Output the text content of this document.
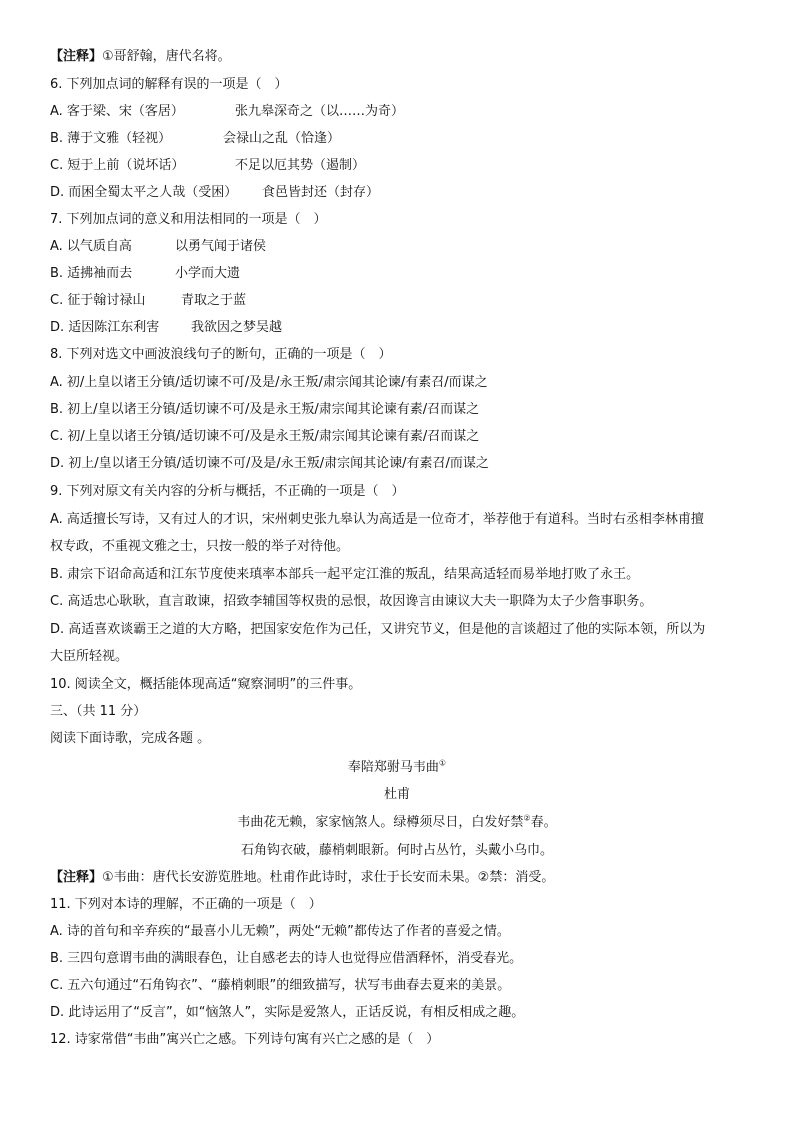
【注释】①哥舒翰，唐代名将。
6. 下列加点词的解释有误的一项是（　）
A. 客于梁、宋（客居）	张九皋深奇之（以……为奇）
B. 薄于文雅（轻视）	会禄山之乱（恰逢）
C. 短于上前（说坏话）	不足以厄其势（遏制）
D. 而困全蜀太平之人哉（受困） 食邑皆封还（封存）
7. 下列加点词的意义和用法相同的一项是（　）
A. 以气质自高	以勇气闻于诸侯
B. 适拂袖而去	小学而大遗
C. 征于翰讨禄山	青取之于蓝
D. 适因陈江东利害 我欲因之梦吴越
8. 下列对选文中画波浪线句子的断句，正确的一项是（　）
A. 初/上皇以诸王分镇/适切谏不可/及是/永王叛/肃宗闻其论谏/有素召/而谋之
B. 初上/皇以诸王分镇/适切谏不可/及是永王叛/肃宗闻其论谏有素/召而谋之
C. 初/上皇以诸王分镇/适切谏不可/及是永王叛/肃宗闻其论谏有素/召而谋之
D. 初上/皇以诸王分镇/适切谏不可/及是/永王叛/肃宗闻其论谏/有素召/而谋之
9. 下列对原文有关内容的分析与概括，不正确的一项是（　）
A. 高适擅长写诗，又有过人的才识，宋州刺史张九皋认为高适是一位奇才，举荐他于有道科。当时右丞相李林甫擅
权专政，不重视文雅之士，只按一般的举子对待他。
B. 肃宗下诏命高适和江东节度使来瑱率本部兵一起平定江淮的叛乱，结果高适轻而易举地打败了永王。
C. 高适忠心耿耿，直言敢谏，招致李辅国等权贵的忌恨，故因谗言由谏议大夫一职降为太子少詹事职务。
D. 高适喜欢谈霸王之道的大方略，把国家安危作为己任，又讲究节义，但是他的言谈超过了他的实际本领，所以为
大臣所轻视。
10. 阅读全文，概括能体现高适“窥察洞明”的三件事。
三、（共 11 分）
阅读下面诗歌，完成各题 。
奉陪郑驸马韦曲①
杜甫
韦曲花无赖，家家恼煞人。绿樽须尽日，白发好禁②春。
石角钩衣破，藤梢刺眼新。何时占丛竹，头戴小乌巾。
【注释】①韦曲：唐代长安游览胜地。杜甫作此诗时，求仕于长安而未果。②禁：消受。
11. 下列对本诗的理解，不正确的一项是（　）
A. 诗的首句和辛弃疾的“最喜小儿无赖”，两处“无赖”都传达了作者的喜爱之情。
B. 三四句意谓韦曲的满眼春色，让自感老去的诗人也觉得应借酒释怀，消受春光。
C. 五六句通过“石角钩衣”、“藤梢刺眼”的细致描写，状写韦曲春去夏来的美景。
D. 此诗运用了“反言”，如“恼煞人”，实际是爱煞人，正话反说，有相反相成之趣。
12. 诗家常借“韦曲”寓兴亡之感。下列诗句寓有兴亡之感的是（　）
